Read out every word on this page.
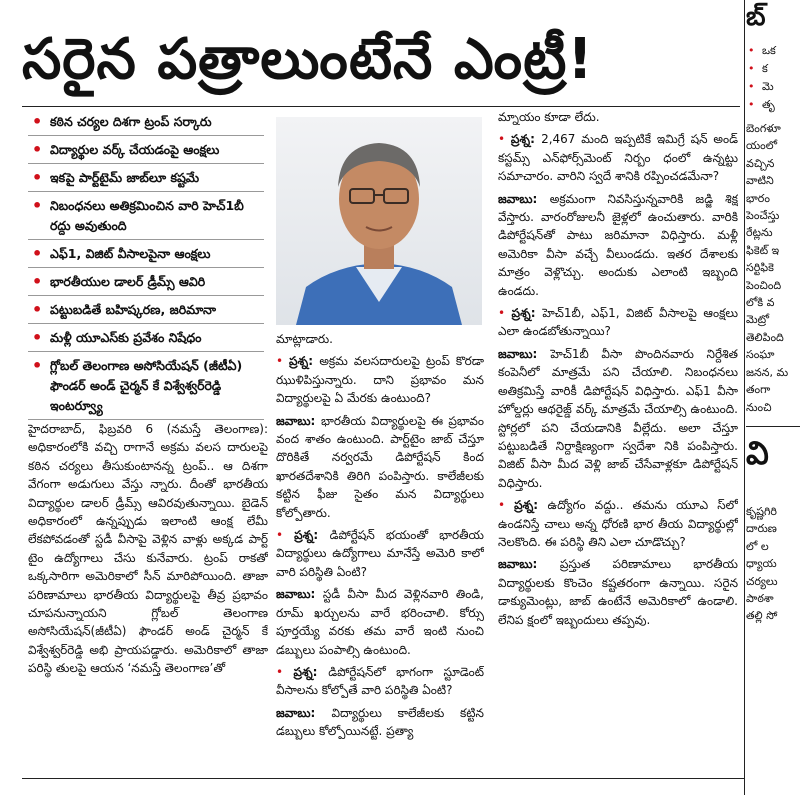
సరైన పత్రాలుంటేనే ఎంట్రీ!
• కఠిన చర్యల దిశగా ట్రంప్ సర్కారు
• విద్యార్థుల వర్క్ చేయడంపై ఆంక్షలు
• ఇకపై పార్ట్‌టైమ్ జాబ్‌లూ కష్టమే
• నిబంధనలు అతిక్రమించిన వారి హెచ్1బీ రద్దు అవుతుంది
• ఎఫ్1, విజిట్ వీసాలపైనా ఆంక్షలు
• భారతీయుల డాలర్ డ్రీమ్స్ ఆవిరి
• పట్టుబడితే బహిష్కరణ, జరిమానా
• మళ్లీ యూఎస్‌కు ప్రవేశం నిషేధం
• గ్లోబల్ తెలంగాణ అసోసియేషన్ (జీటీఏ) ఫౌండర్ అండ్ చైర్మన్ కే విశ్వేశ్వర్‌రెడ్డి ఇంటర్వ్యూ

హైదరాబాద్, ఫిబ్రవరి 6 (నమస్తే తెలంగాణ): అధికారంలోకి వచ్చి రాగానే అక్రమ వలస దారులపై కఠిన చర్యలు తీసుకుంటానన్న ట్రంప్.. ఆ దిశగా వేగంగా అడుగులు వేస్తు న్నారు. దీంతో భారతీయ విద్యార్థుల డాలర్ డ్రీమ్స్ ఆవిరవుతున్నాయి. బైడెన్ అధికారంలో ఉన్నప్పుడు ఇలాంటి ఆంక్ష లేమీ లేకపోవడంతో స్టడీ వీసాపై వెళ్లిన వాళ్లు అక్కడ పార్ట్ టైం ఉద్యోగాలు చేసు కునేవారు. ట్రంప్ రాకతో ఒక్కసారిగా అమెరికాలో సీన్ మారిపోయింది. తాజా పరిణామాలు భారతీయ విద్యార్థులపై తీవ్ర ప్రభావం చూపనున్నాయని గ్లోబల్ తెలంగాణ అసోసియేషన్(జీటీఏ) ఫౌండర్ అండ్ చైర్మన్ కే విశ్వేశ్వర్‌రెడ్డి అభి ప్రాయపడ్డారు. అమెరికాలో తాజా పరిస్థి తులపై ఆయన ‘నమస్తే తెలంగాణ’తో

మాట్లాడారు.

• ప్రశ్న: అక్రమ వలసదారులపై ట్రంప్ కొరడా ఝుళిపిస్తున్నారు. దాని ప్రభావం మన విద్యార్థులపై ఏ మేరకు ఉంటుంది?

జవాబు: భారతీయ విద్యార్థులపై ఈ ప్రభావం వంద శాతం ఉంటుంది. పార్ట్‌టైం జాబ్ చేస్తూ దొరికితే నర్వరమే డిపోర్టేషన్ కింద ఖారతదేశానికి తిరిగి పంపిస్తారు. కాలేజీలకు కట్టిన ఫీజు సైతం మన విద్యార్థులు కోల్పోతారు.

• ప్రశ్న: డిపోర్టేషన్ భయంతో భారతీయ విద్యార్థులు ఉద్యోగాలు మానేస్తే అమెరి కాలో వారి పరిస్థితి ఏంటి?

జవాబు: స్టడీ వీసా మీద వెళ్లినవారి తిండి, రూమ్ ఖర్చులను వారే భరించాలి. కోర్సు పూర్తయ్యే వరకు తమ వారే ఇంటి నుంచి డబ్బులు పంపాల్సి ఉంటుంది.

• ప్రశ్న: డిపోర్టేషన్‌లో భాగంగా స్టూడెంట్ వీసాలను కోల్పోతే వారి పరిస్థితి ఏంటి?

జవాబు: విద్యార్థులు కాలేజీలకు కట్టిన డబ్బులు కోల్పోయినట్టే. ప్రత్యా

మ్నాయం కూడా లేదు.

• ప్రశ్న: 2,467 మంది ఇప్పటికే ఇమిగ్రే షన్ అండ్ కస్టమ్స్ ఎన్‌ఫోర్స్‌మెంట్ నిర్బం ధంలో ఉన్నట్టు సమాచారం. వారిని స్వదే శానికి రప్పించడమేనా?

జవాబు: అక్రమంగా నివసిస్తున్నవారికి జడ్జి శిక్ష వేస్తారు. వారంరోజులనీ జైళ్లలో ఉంచుతారు. వారికి డిపోర్టేషన్‌తో పాటు జరిమానా విధిస్తారు. మళ్లీ అమెరికా వీసా వచ్చే వీలుండదు. ఇతర దేశాలకు మాత్రం వెళ్లొచ్చు. అందుకు ఎలాంటి ఇబ్బంది ఉండదు.

• ప్రశ్న: హెచ్1బీ, ఎఫ్1, విజిట్ వీసాలపై ఆంక్షలు ఎలా ఉండబోతున్నాయి?

జవాబు: హెచ్1బీ వీసా పొందినవారు నిర్దేశిత కంపెనీలో మాత్రమే పని చేయాలి. నిబంధనలు అతిక్రమిస్తే వారికీ డిపోర్టేషన్ విధిస్తారు. ఎఫ్1 వీసా హోల్డర్లు ఆథరైజ్డ్ వర్క్ మాత్రమే చేయాల్సి ఉంటుంది. స్టోర్లలో పని చేయడానికి వీల్లేదు. అలా చేస్తూ పట్టుబడితే నిర్దాక్షిణ్యంగా స్వదేశా నికి పంపిస్తారు. విజిట్ వీసా మీద వెళ్లి జాబ్ చేసేవాళ్లకూ డిపోర్టేషన్ విధిస్తారు.

• ప్రశ్న: ఉద్యోగం వద్దు.. తమను యూఎ స్‌లో ఉండనిస్తే చాలు అన్న ధోరణి భార తీయ విద్యార్థుల్లో నెలకొంది. ఈ పరిస్థి తిని ఎలా చూడొచ్చు?

జవాబు: ప్రస్తుత పరిణామాలు భారతీయ విద్యార్థులకు కొంచెం కష్టతరంగా ఉన్నాయి. సరైన డాక్యుమెంట్లు, జాబ్ ఉంటేనే అమెరికాలో ఉండాలి. లేనిప క్షంలో ఇబ్బందులు తప్పవు.

బ్
• ఒక
• క
• మె
• తృ
బెంగళూ
యంలో
వచ్చిన
వాటిని
భారం
పెంచేస్తు
రేట్లను
ఫికెట్ ఇ
సర్టిఫికె
పెంచింది
లోకి వ
మెట్రో
తెలిపింది
సంఘా
జనన, మ
తంగా
నుంచి
వి
కృష్ణగిరి
దారుణ
లో ల
ధ్యాయ
చర్యలు
పాఠశా
తల్లి సో
